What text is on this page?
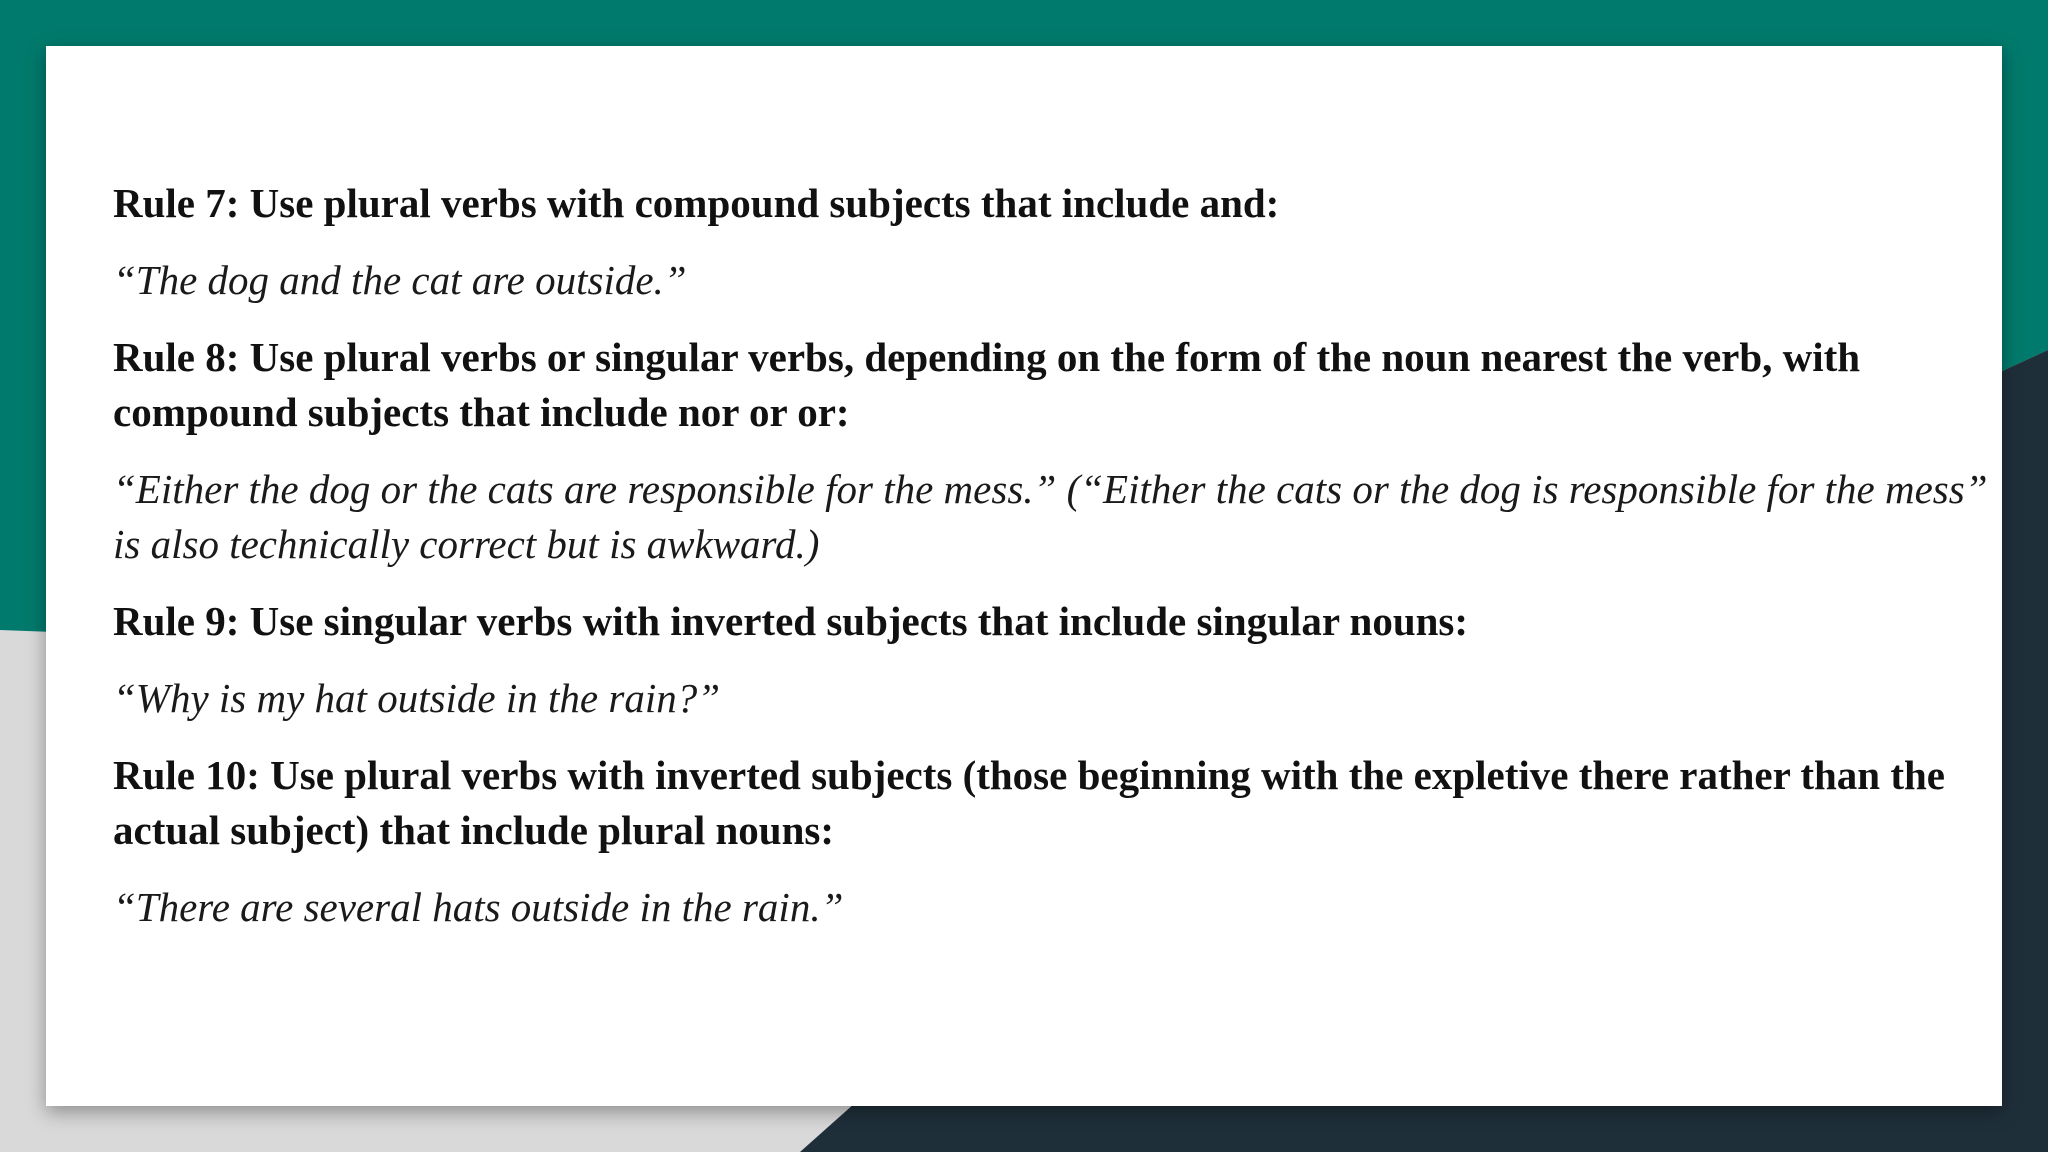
Rule 7: Use plural verbs with compound subjects that include and:

“The dog and the cat are outside.”

Rule 8: Use plural verbs or singular verbs, depending on the form of the noun nearest the verb, with compound subjects that include nor or or:

“Either the dog or the cats are responsible for the mess.” (“Either the cats or the dog is responsible for the mess” is also technically correct but is awkward.)

Rule 9: Use singular verbs with inverted subjects that include singular nouns:

“Why is my hat outside in the rain?”

Rule 10: Use plural verbs with inverted subjects (those beginning with the expletive there rather than the actual subject) that include plural nouns:

“There are several hats outside in the rain.”
